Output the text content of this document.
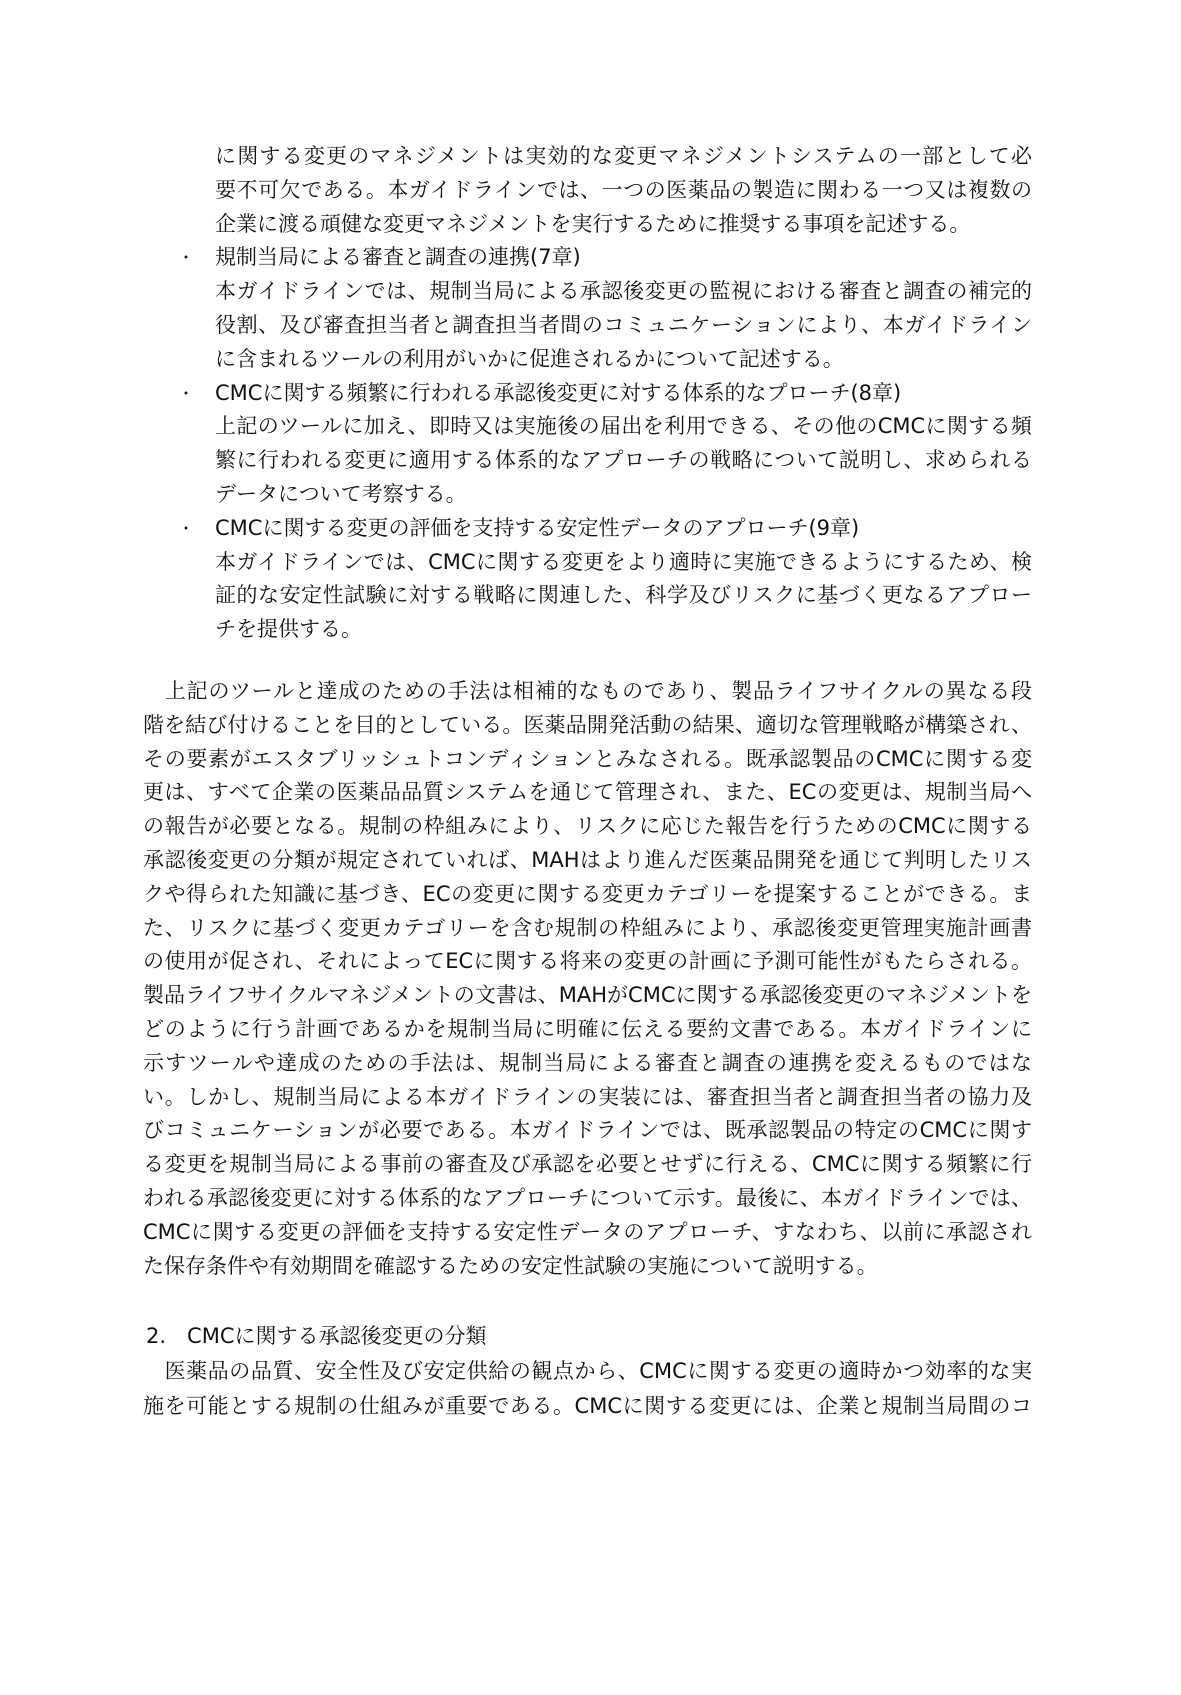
に関する変更のマネジメントは実効的な変更マネジメントシステムの一部として必
要不可欠である。本ガイドラインでは、一つの医薬品の製造に関わる一つ又は複数の
企業に渡る頑健な変更マネジメントを実行するために推奨する事項を記述する。
・ 規制当局による審査と調査の連携(7章)
本ガイドラインでは、規制当局による承認後変更の監視における審査と調査の補完的
役割、及び審査担当者と調査担当者間のコミュニケーションにより、本ガイドライン
に含まれるツールの利用がいかに促進されるかについて記述する。
・ CMCに関する頻繁に行われる承認後変更に対する体系的なプローチ(8章)
上記のツールに加え、即時又は実施後の届出を利用できる、その他のCMCに関する頻
繁に行われる変更に適用する体系的なアプローチの戦略について説明し、求められる
データについて考察する。
・ CMCに関する変更の評価を支持する安定性データのアプローチ(9章)
本ガイドラインでは、CMCに関する変更をより適時に実施できるようにするため、検
証的な安定性試験に対する戦略に関連した、科学及びリスクに基づく更なるアプロー
チを提供する。
　上記のツールと達成のための手法は相補的なものであり、製品ライフサイクルの異なる段
階を結び付けることを目的としている。医薬品開発活動の結果、適切な管理戦略が構築され、
その要素がエスタブリッシュトコンディションとみなされる。既承認製品のCMCに関する変
更は、すべて企業の医薬品品質システムを通じて管理され、また、ECの変更は、規制当局へ
の報告が必要となる。規制の枠組みにより、リスクに応じた報告を行うためのCMCに関する
承認後変更の分類が規定されていれば、MAHはより進んだ医薬品開発を通じて判明したリス
クや得られた知識に基づき、ECの変更に関する変更カテゴリーを提案することができる。ま
た、リスクに基づく変更カテゴリーを含む規制の枠組みにより、承認後変更管理実施計画書
の使用が促され、それによってECに関する将来の変更の計画に予測可能性がもたらされる。
製品ライフサイクルマネジメントの文書は、MAHがCMCに関する承認後変更のマネジメントを
どのように行う計画であるかを規制当局に明確に伝える要約文書である。本ガイドラインに
示すツールや達成のための手法は、規制当局による審査と調査の連携を変えるものではな
い。しかし、規制当局による本ガイドラインの実装には、審査担当者と調査担当者の協力及
びコミュニケーションが必要である。本ガイドラインでは、既承認製品の特定のCMCに関す
る変更を規制当局による事前の審査及び承認を必要とせずに行える、CMCに関する頻繁に行
われる承認後変更に対する体系的なアプローチについて示す。最後に、本ガイドラインでは、
CMCに関する変更の評価を支持する安定性データのアプローチ、すなわち、以前に承認され
た保存条件や有効期間を確認するための安定性試験の実施について説明する。
2.　CMCに関する承認後変更の分類
　医薬品の品質、安全性及び安定供給の観点から、CMCに関する変更の適時かつ効率的な実
施を可能とする規制の仕組みが重要である。CMCに関する変更には、企業と規制当局間のコ
